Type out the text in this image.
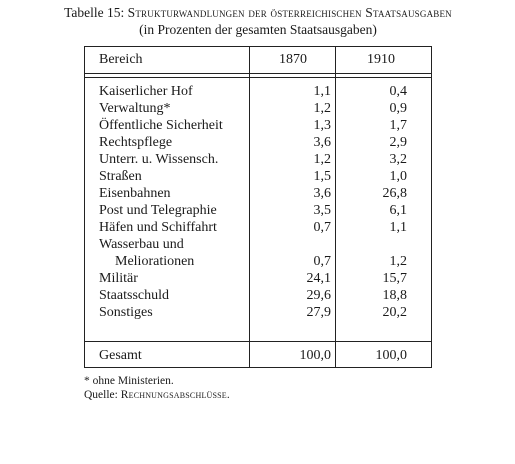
Tabelle 15: Strukturwandlungen der österreichischen Staatsausgaben
(in Prozenten der gesamten Staatsausgaben)
Bereich	1870	1910
Kaiserlicher Hof	1,1	0,4
Verwaltung*	1,2	0,9
Öffentliche Sicherheit	1,3	1,7
Rechtspflege	3,6	2,9
Unterr. u. Wissensch.	1,2	3,2
Straßen	1,5	1,0
Eisenbahnen	3,6	26,8
Post und Telegraphie	3,5	6,1
Häfen und Schiffahrt	0,7	1,1
Wasserbau und
Meliorationen	0,7	1,2
Militär	24,1	15,7
Staatsschuld	29,6	18,8
Sonstiges	27,9	20,2
Gesamt	100,0	100,0
* ohne Ministerien.
Quelle: Rechnungsabschlüsse.
